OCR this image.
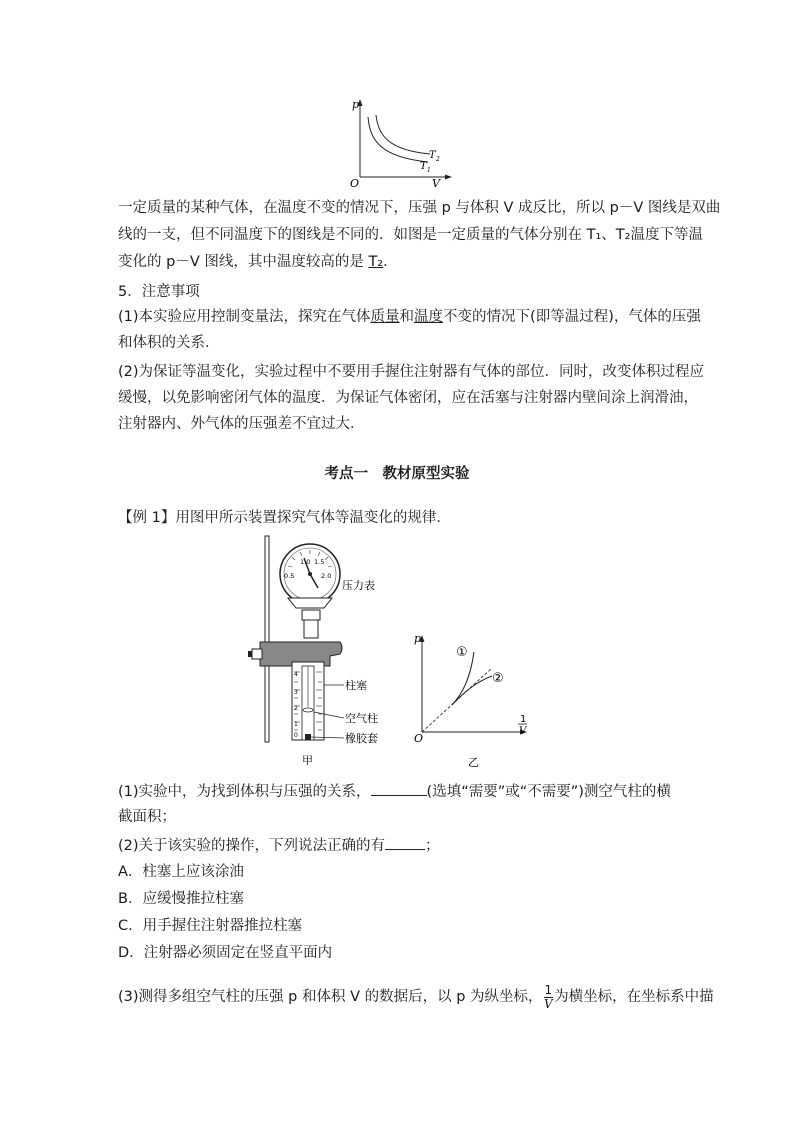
p
O	V
T 2
T 1
一定质量的某种气体，在温度不变的情况下，压强 p 与体积 V 成反比，所以 p－V 图线是双曲
线的一支，但不同温度下的图线是不同的．如图是一定质量的气体分别在 T₁、T₂温度下等温
变化的 p－V 图线，其中温度较高的是 T₂．
5．注意事项
(1)本实验应用控制变量法，探究在气体质量和温度不变的情况下(即等温过程)，气体的压强
和体积的关系．
(2)为保证等温变化，实验过程中不要用手握住注射器有气体的部位．同时，改变体积过程应
缓慢，以免影响密闭气体的温度．为保证气体密闭，应在活塞与注射器内壁间涂上润滑油，
注射器内、外气体的压强差不宜过大．
考点一　教材原型实验
【例 1】用图甲所示装置探究气体等温变化的规律．
1.0 1.5
0.5	2.0
4
3
2
1
0
压力表
柱塞
空气柱
橡胶套
甲
p
O
1
V
①
②
乙
(1)实验中，为找到体积与压强的关系，	(选填“需要”或“不需要”)测空气柱的横
截面积；
(2)关于该实验的操作，下列说法正确的有	；
A．柱塞上应该涂油
B．应缓慢推拉柱塞
C．用手握住注射器推拉柱塞
D．注射器必须固定在竖直平面内
(3)测得多组空气柱的压强 p 和体积 V 的数据后，以 p 为纵坐标， $\frac{1}{V}$ 为横坐标，在坐标系中描
